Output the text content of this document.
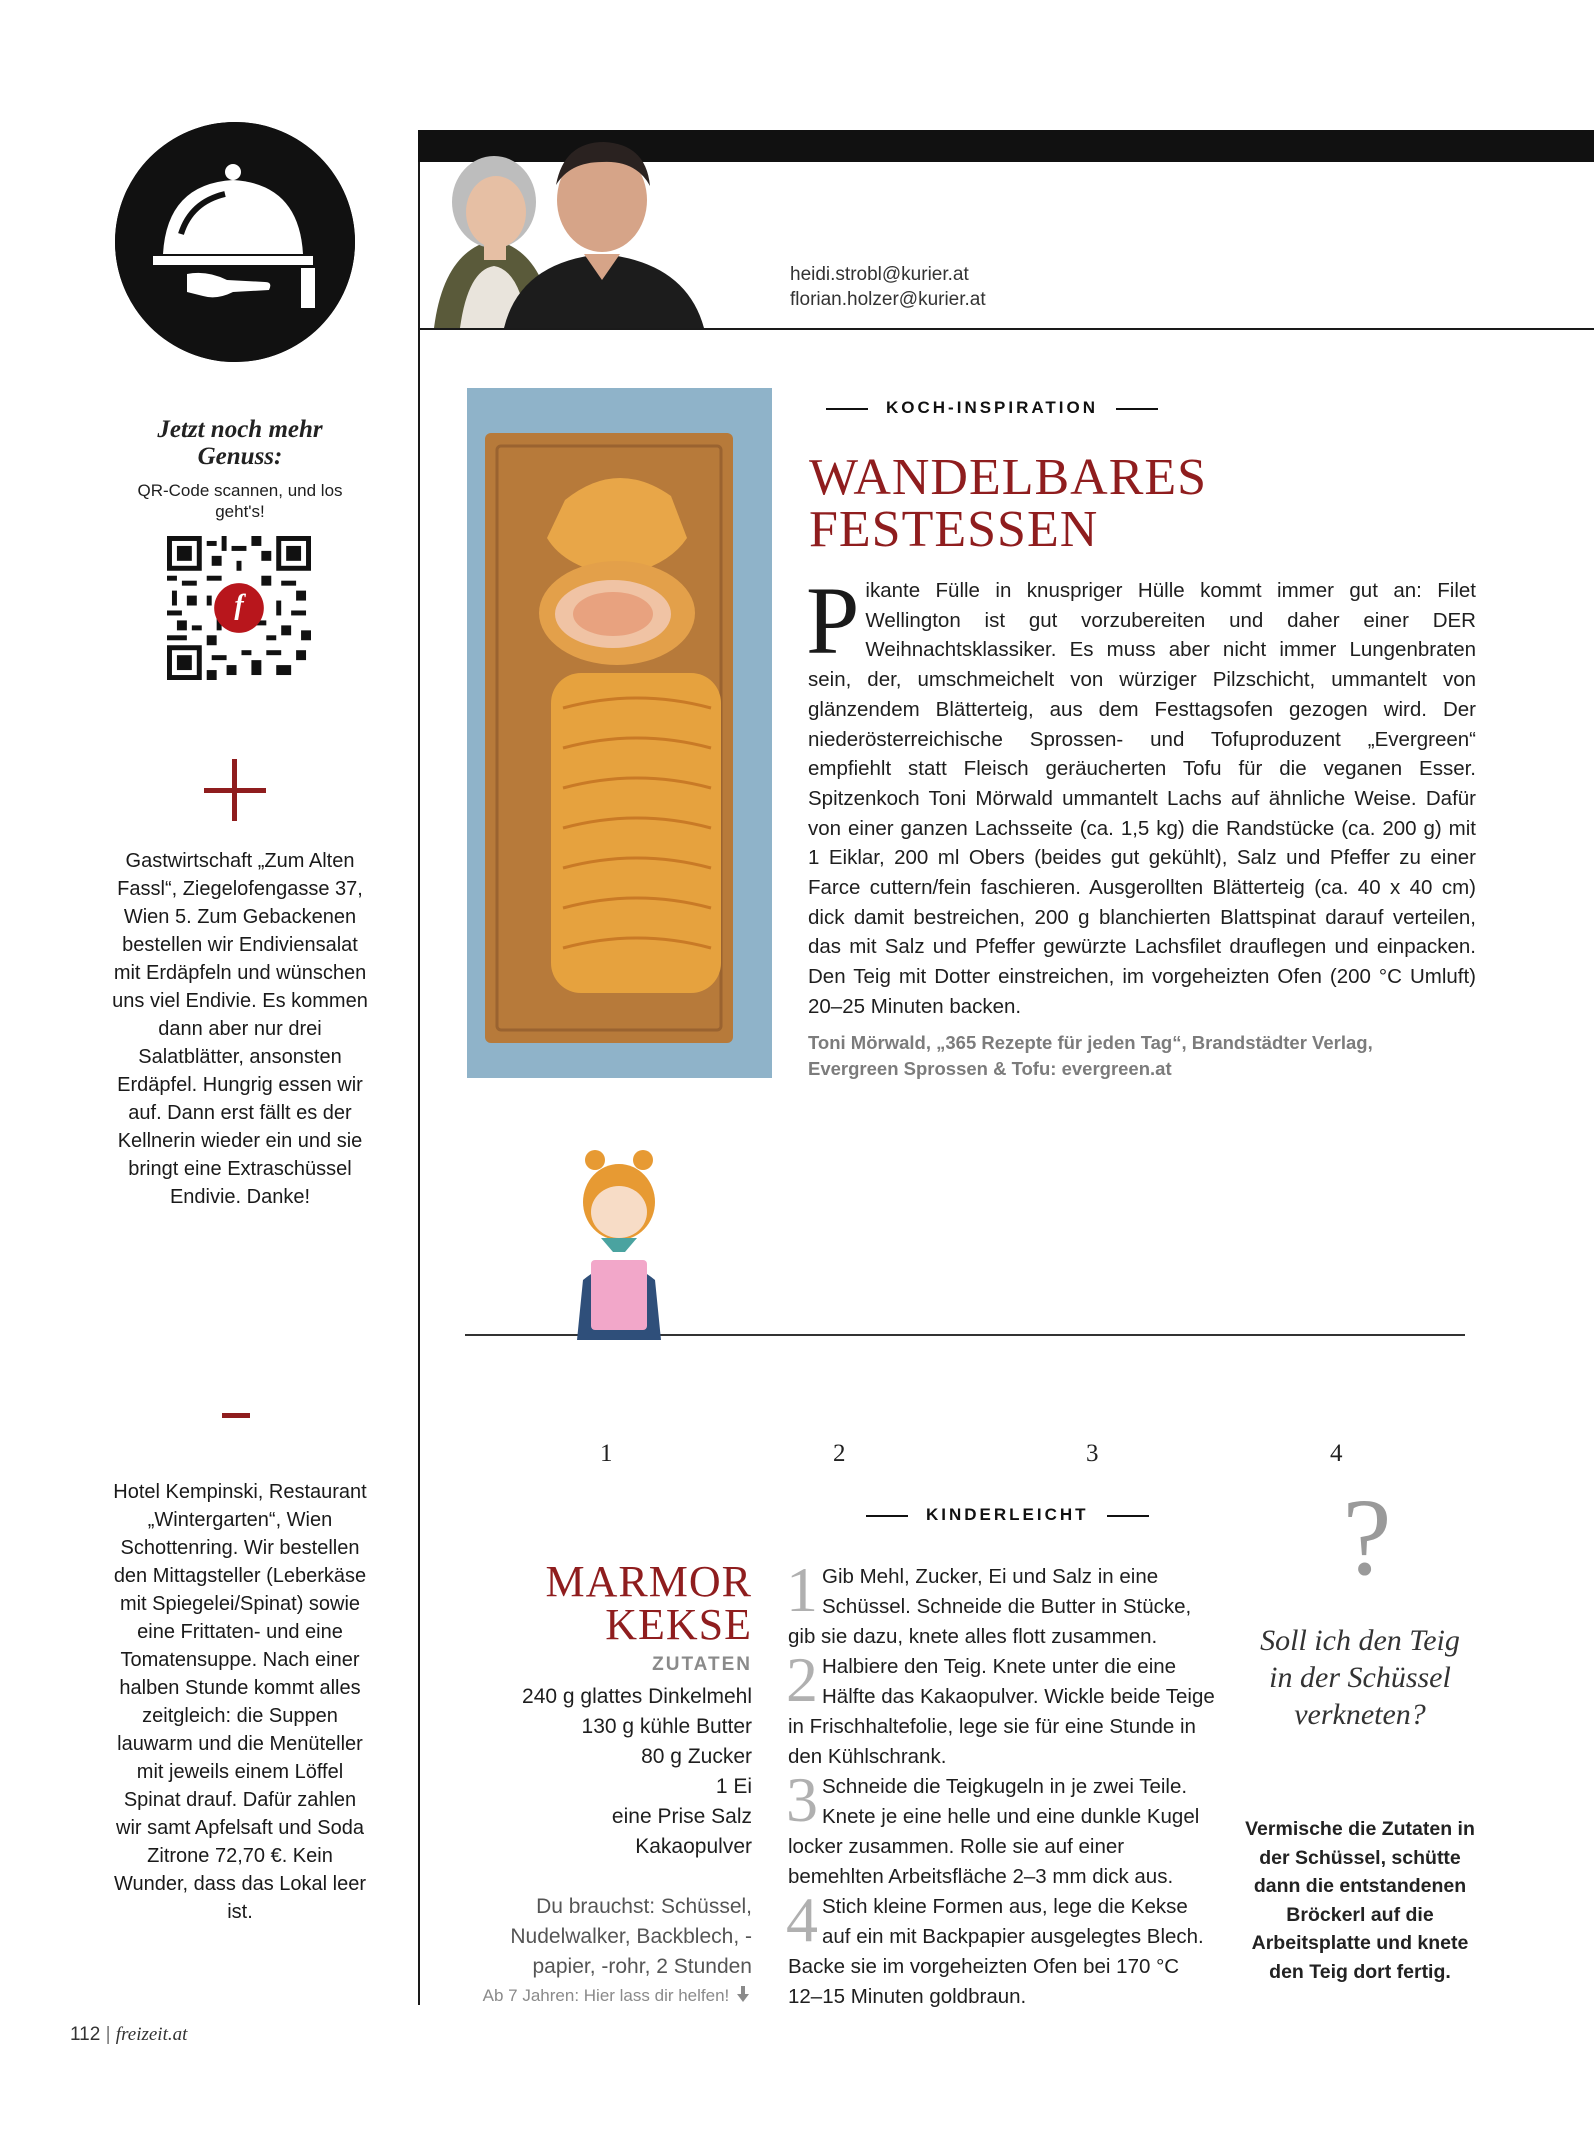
Jetzt noch mehr Genuss:
QR-Code scannen, und los geht's!
f
Gastwirtschaft „Zum Alten Fassl“, Ziegelofengasse 37, Wien 5. Zum Gebackenen bestellen wir Endiviensalat mit Erdäpfeln und wünschen uns viel Endivie. Es kommen dann aber nur drei Salatblätter, ansonsten Erdäpfel. Hungrig essen wir auf. Dann erst fällt es der Kellnerin wieder ein und sie bringt eine Extraschüssel Endivie. Danke!
Hotel Kempinski, Restaurant „Wintergarten“, Wien Schottenring. Wir bestellen den Mittagsteller (Leberkäse mit Spiegelei/Spinat) sowie eine Frittaten- und eine Tomatensuppe. Nach einer halben Stunde kommt alles zeitgleich: die Suppen lauwarm und die Menüteller mit jeweils einem Löffel Spinat drauf. Dafür zahlen wir samt Apfelsaft und Soda Zitrone 72,70 €. Kein Wunder, dass das Lokal leer ist.
heidi.strobl@kurier.at
florian.holzer@kurier.at
KOCH-INSPIRATION
WANDELBARES
FESTESSEN
Pikante Fülle in knuspriger Hülle kommt immer gut an: Filet Wellington ist gut vorzubereiten und daher einer DER Weihnachtsklassiker. Es muss aber nicht immer Lungenbraten sein, der, umschmeichelt von würziger Pilzschicht, ummantelt von glänzendem Blätterteig, aus dem Festtagsofen gezogen wird. Der niederösterreichische Sprossen- und Tofuproduzent „Evergreen“ empfiehlt statt Fleisch geräucherten Tofu für die veganen Esser. Spitzenkoch Toni Mörwald ummantelt Lachs auf ähnliche Weise. Dafür von einer ganzen Lachsseite (ca. 1,5 kg) die Randstücke (ca. 200 g) mit 1 Eiklar, 200 ml Obers (beides gut gekühlt), Salz und Pfeffer zu einer Farce cuttern/fein faschieren. Ausgerollten Blätterteig (ca. 40 x 40 cm) dick damit bestreichen, 200 g blanchierten Blattspinat darauf verteilen, das mit Salz und Pfeffer gewürzte Lachsfilet drauflegen und einpacken. Den Teig mit Dotter einstreichen, im vorgeheizten Ofen (200 °C Umluft) 20–25 Minuten backen.
Toni Mörwald, „365 Rezepte für jeden Tag“, Brandstädter Verlag,
Evergreen Sprossen & Tofu: evergreen.at
1	2	3	4
KINDERLEICHT
MARMOR
KEKSE
ZUTATEN
240 g glattes Dinkelmehl
130 g kühle Butter
80 g Zucker
1 Ei
eine Prise Salz
Kakaopulver
Du brauchst: Schüssel, Nudelwalker, Backblech, -papier, -rohr, 2 Stunden
Ab 7 Jahren: Hier lass dir helfen!
1 Gib Mehl, Zucker, Ei und Salz in eine Schüssel. Schneide die Butter in Stücke, gib sie dazu, knete alles flott zusammen.
2 Halbiere den Teig. Knete unter die eine Hälfte das Kakaopulver. Wickle beide Teige in Frischhaltefolie, lege sie für eine Stunde in den Kühlschrank.
3 Schneide die Teigkugeln in je zwei Teile. Knete je eine helle und eine dunkle Kugel locker zusammen. Rolle sie auf einer bemehlten Arbeitsfläche 2–3 mm dick aus.
4 Stich kleine Formen aus, lege die Kekse auf ein mit Backpapier ausgelegtes Blech. Backe sie im vorgeheizten Ofen bei 170 °C 12–15 Minuten goldbraun.
?
Soll ich den Teig in der Schüssel verkneten?
Vermische die Zutaten in der Schüssel, schütte dann die entstandenen Bröckerl auf die Arbeitsplatte und knete den Teig dort fertig.
112 | freizeit.at
